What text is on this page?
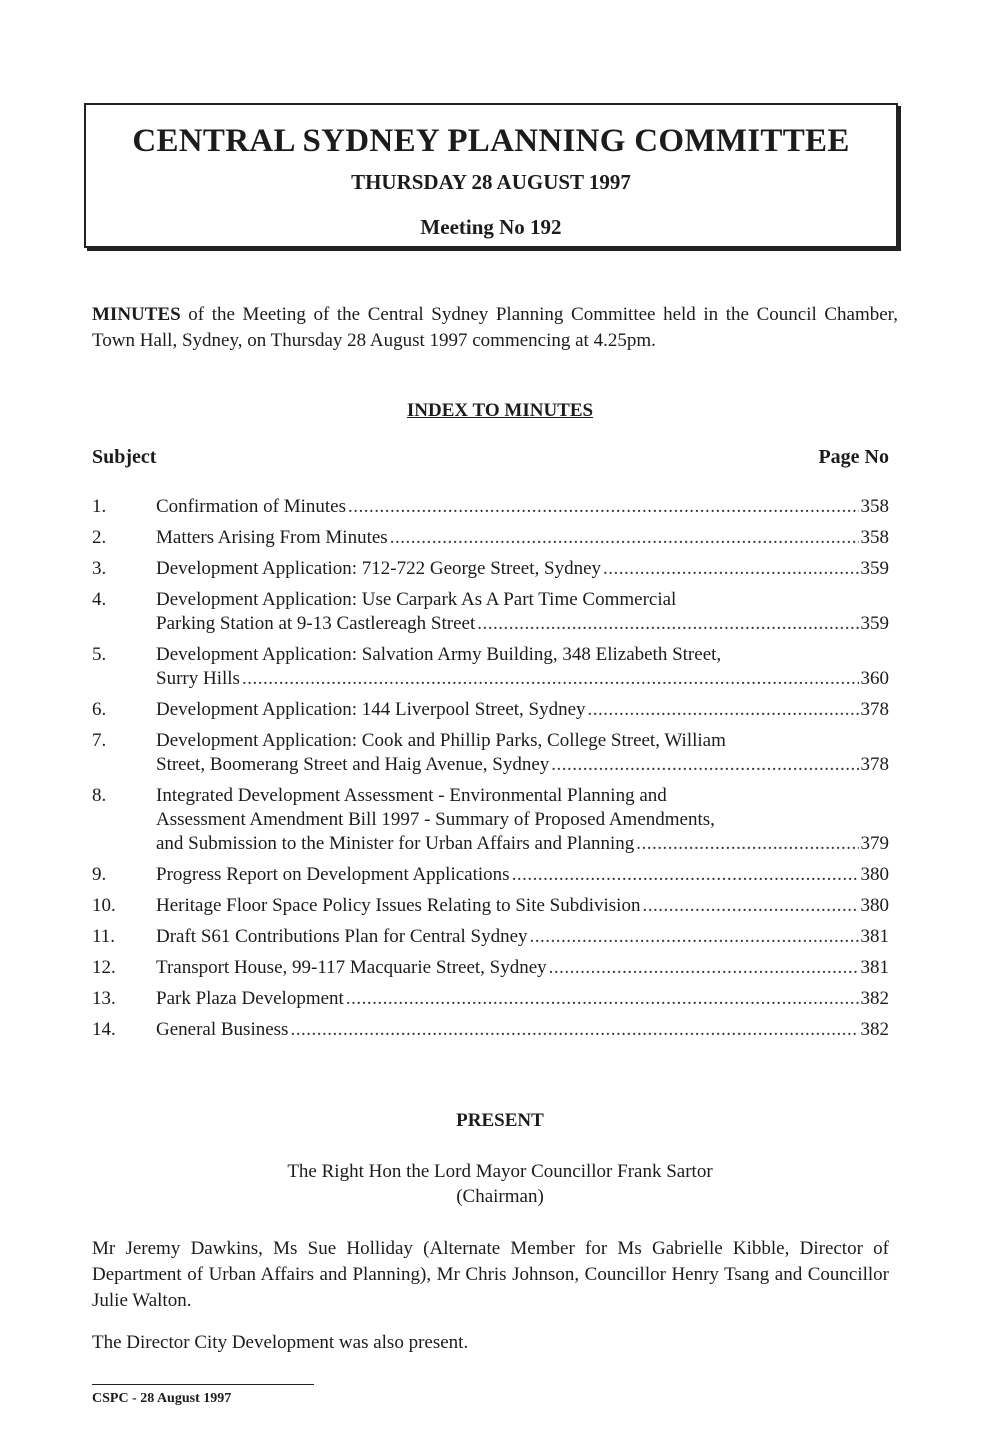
CENTRAL SYDNEY PLANNING COMMITTEE
THURSDAY 28 AUGUST 1997
Meeting No 192
MINUTES of the Meeting of the Central Sydney Planning Committee held in the Council Chamber, Town Hall, Sydney, on Thursday 28 August 1997 commencing at 4.25pm.
INDEX TO MINUTES
Subject	Page No
1.	Confirmation of Minutes .....	358
2.	Matters Arising From Minutes .....	358
3.	Development Application: 712-722 George Street, Sydney .....	359
4.	Development Application: Use Carpark As A Part Time Commercial
Parking Station at 9-13 Castlereagh Street .....	359
5.	Development Application: Salvation Army Building, 348 Elizabeth Street,
Surry Hills .....	360
6.	Development Application: 144 Liverpool Street, Sydney .....	378
7.	Development Application: Cook and Phillip Parks, College Street, William
Street, Boomerang Street and Haig Avenue, Sydney .....	378
8.	Integrated Development Assessment - Environmental Planning and
Assessment Amendment Bill 1997 - Summary of Proposed Amendments,
and Submission to the Minister for Urban Affairs and Planning .....	379
9.	Progress Report on Development Applications .....	380
10.	Heritage Floor Space Policy Issues Relating to Site Subdivision .....	380
11.	Draft S61 Contributions Plan for Central Sydney .....	381
12.	Transport House, 99-117 Macquarie Street, Sydney .....	381
13.	Park Plaza Development .....	382
14.	General Business .....	382
PRESENT
The Right Hon the Lord Mayor Councillor Frank Sartor
(Chairman)
Mr Jeremy Dawkins, Ms Sue Holliday (Alternate Member for Ms Gabrielle Kibble, Director of Department of Urban Affairs and Planning), Mr Chris Johnson, Councillor Henry Tsang and Councillor Julie Walton.
The Director City Development was also present.
CSPC - 28 August 1997
